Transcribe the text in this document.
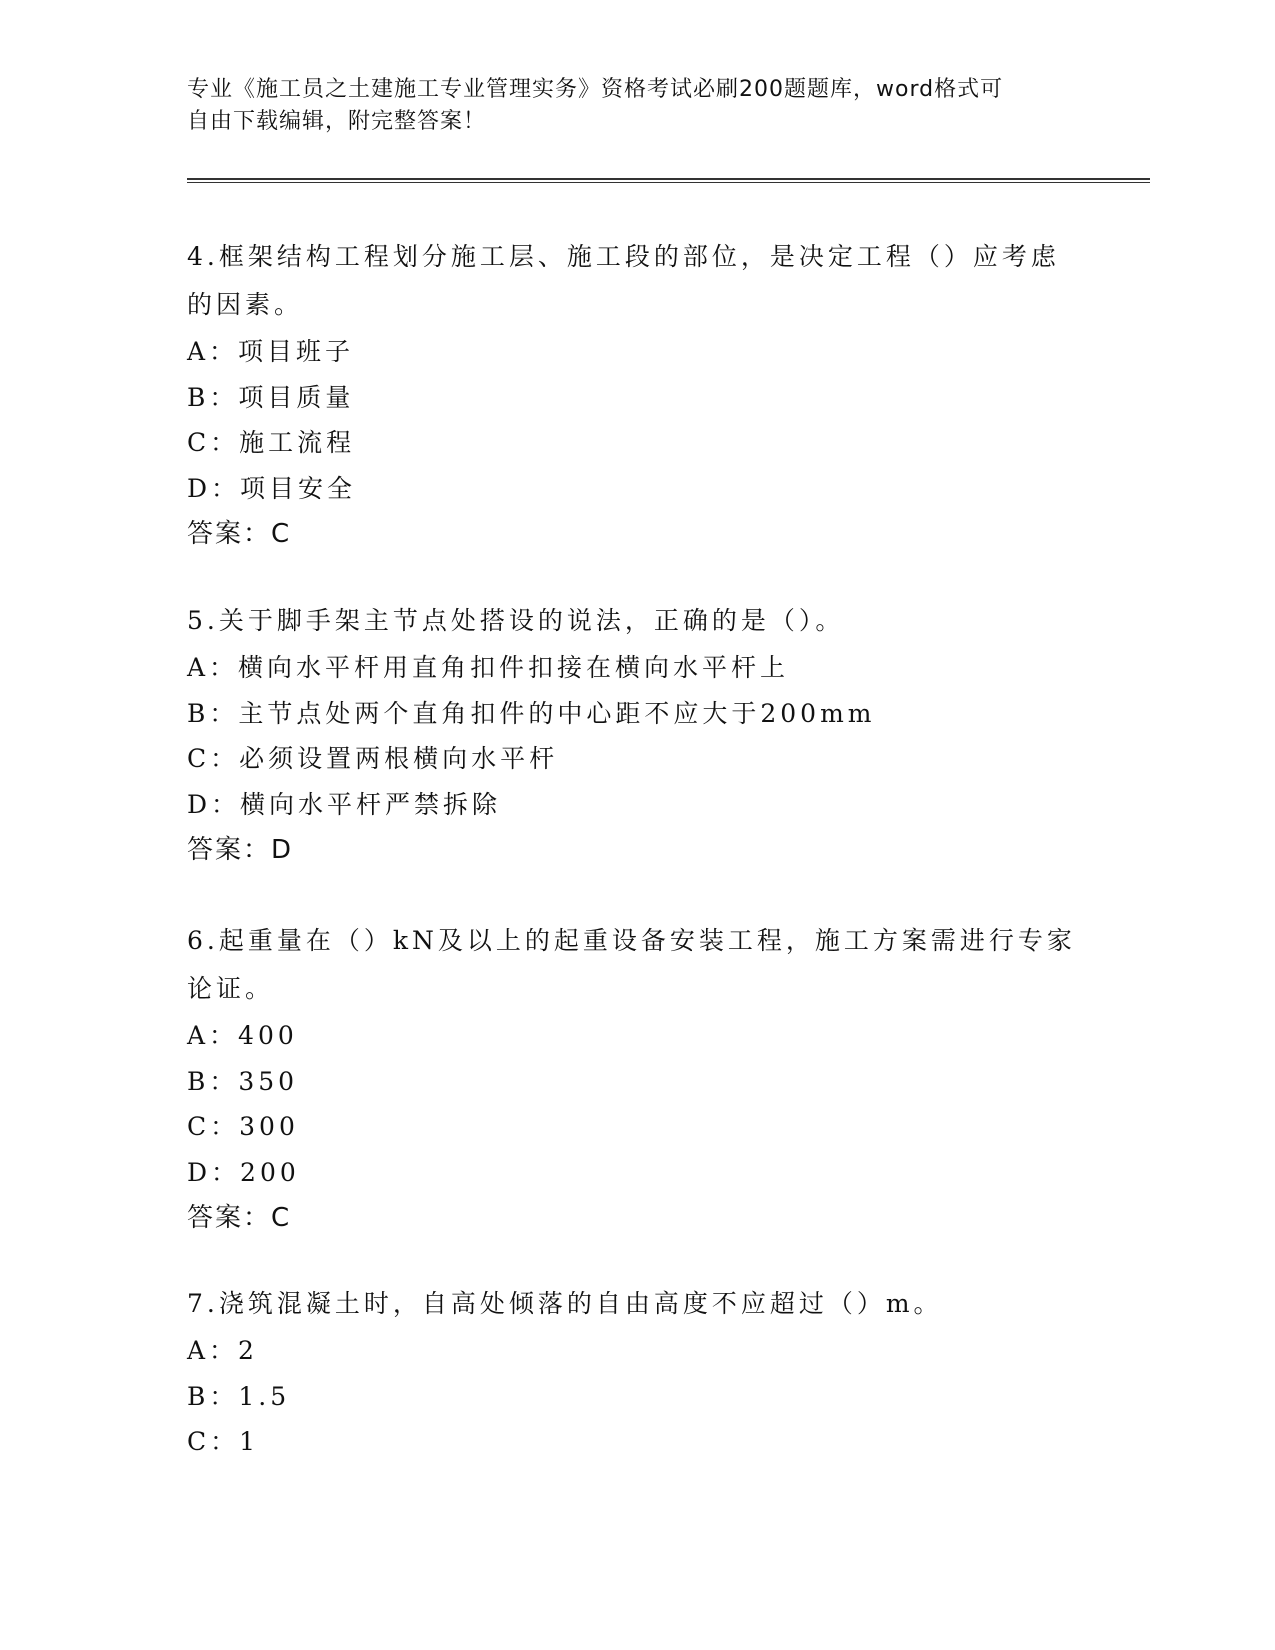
专业《施工员之土建施工专业管理实务》资格考试必刷200题题库，word格式可
自由下载编辑，附完整答案！
4.框架结构工程划分施工层、施工段的部位，是决定工程（）应考虑
的因素。
A：项目班子
B：项目质量
C：施工流程
D：项目安全
答案：C
5.关于脚手架主节点处搭设的说法，正确的是（）。
A：横向水平杆用直角扣件扣接在横向水平杆上
B：主节点处两个直角扣件的中心距不应大于200mm
C：必须设置两根横向水平杆
D：横向水平杆严禁拆除
答案：D
6.起重量在（）kN及以上的起重设备安装工程，施工方案需进行专家
论证。
A：400
B：350
C：300
D：200
答案：C
7.浇筑混凝土时，自高处倾落的自由高度不应超过（）m。
A：2
B：1.5
C：1
